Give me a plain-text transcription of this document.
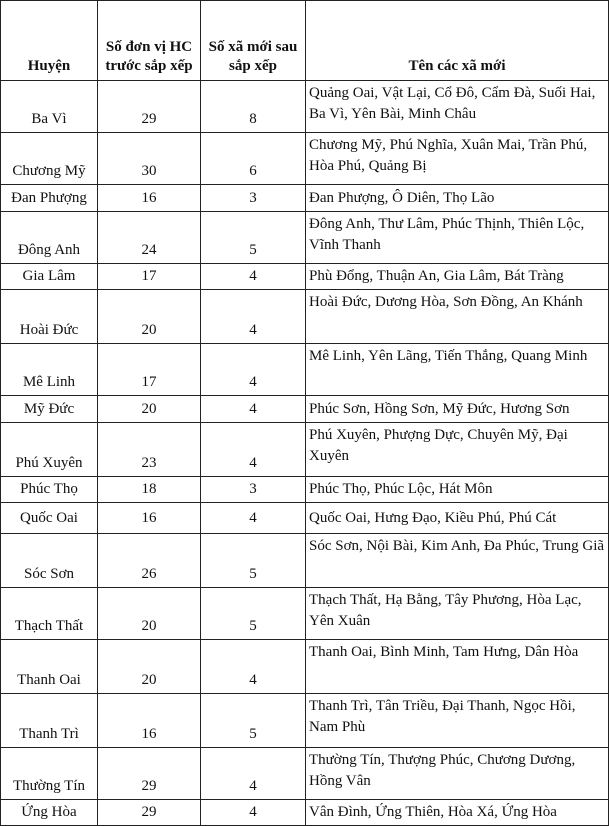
Huyện	Số đơn vị HC trước sắp xếp	Số xã mới sau sắp xếp	Tên các xã mới
Ba Vì	29	8	Quảng Oai, Vật Lại, Cổ Đô, Cẩm Đà, Suối Hai, Ba Vì, Yên Bài, Minh Châu
Chương Mỹ	30	6	Chương Mỹ, Phú Nghĩa, Xuân Mai, Trần Phú, Hòa Phú, Quảng Bị
Đan Phượng	16	3	Đan Phượng, Ô Diên, Thọ Lão
Đông Anh	24	5	Đông Anh, Thư Lâm, Phúc Thịnh, Thiên Lộc, Vĩnh Thanh
Gia Lâm	17	4	Phù Đổng, Thuận An, Gia Lâm, Bát Tràng
Hoài Đức	20	4	Hoài Đức, Dương Hòa, Sơn Đồng, An Khánh
Mê Linh	17	4	Mê Linh, Yên Lãng, Tiến Thắng, Quang Minh
Mỹ Đức	20	4	Phúc Sơn, Hồng Sơn, Mỹ Đức, Hương Sơn
Phú Xuyên	23	4	Phú Xuyên, Phượng Dực, Chuyên Mỹ, Đại Xuyên
Phúc Thọ	18	3	Phúc Thọ, Phúc Lộc, Hát Môn
Quốc Oai	16	4	Quốc Oai, Hưng Đạo, Kiều Phú, Phú Cát
Sóc Sơn	26	5	Sóc Sơn, Nội Bài, Kim Anh, Đa Phúc, Trung Giã
Thạch Thất	20	5	Thạch Thất, Hạ Bằng, Tây Phương, Hòa Lạc, Yên Xuân
Thanh Oai	20	4	Thanh Oai, Bình Minh, Tam Hưng, Dân Hòa
Thanh Trì	16	5	Thanh Trì, Tân Triều, Đại Thanh, Ngọc Hồi, Nam Phù
Thường Tín	29	4	Thường Tín, Thượng Phúc, Chương Dương, Hồng Vân
Ứng Hòa	29	4	Vân Đình, Ứng Thiên, Hòa Xá, Ứng Hòa
